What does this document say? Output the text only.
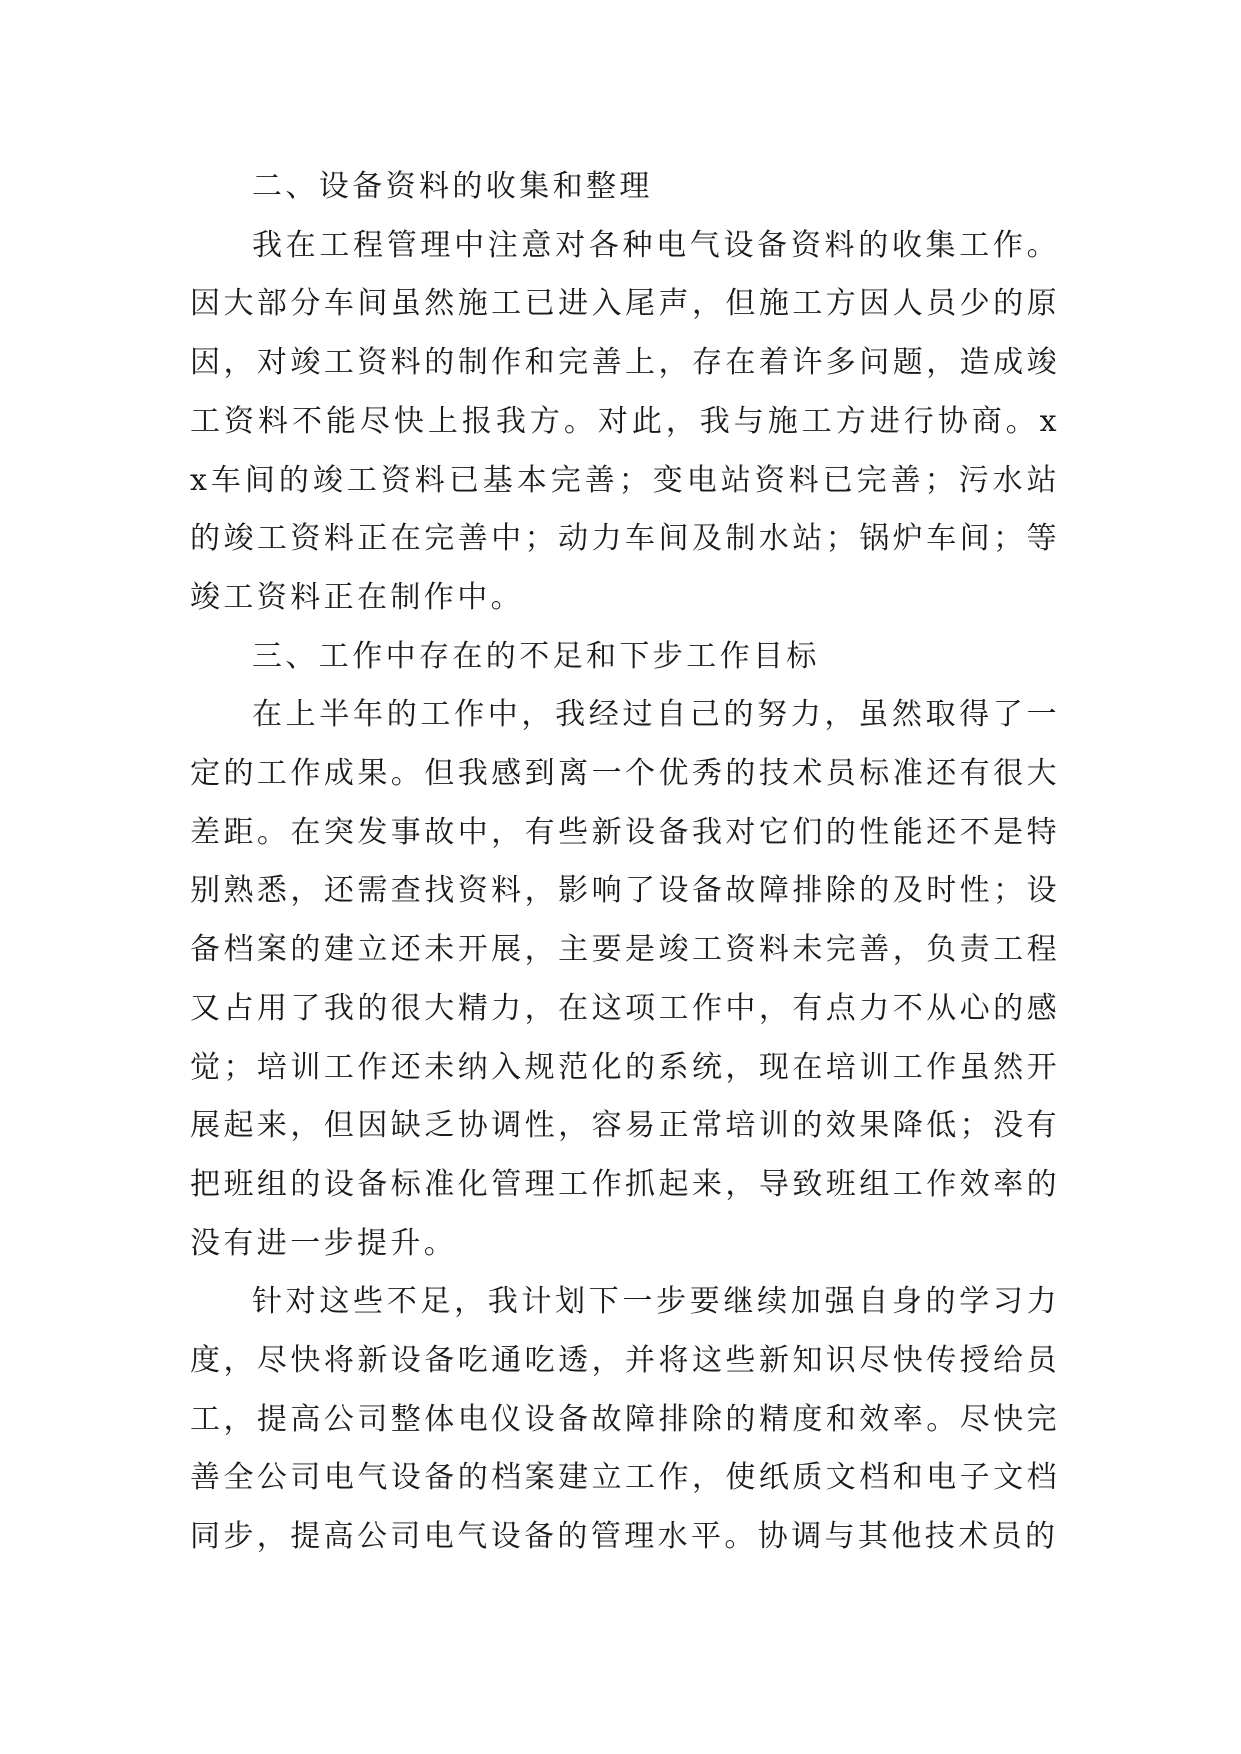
二、设备资料的收集和整理

我在工程管理中注意对各种电气设备资料的收集工作。因大部分车间虽然施工已进入尾声，但施工方因人员少的原因，对竣工资料的制作和完善上，存在着许多问题，造成竣工资料不能尽快上报我方。对此，我与施工方进行协商。xx车间的竣工资料已基本完善；变电站资料已完善；污水站的竣工资料正在完善中；动力车间及制水站；锅炉车间；等竣工资料正在制作中。

三、工作中存在的不足和下步工作目标

在上半年的工作中，我经过自己的努力，虽然取得了一定的工作成果。但我感到离一个优秀的技术员标准还有很大差距。在突发事故中，有些新设备我对它们的性能还不是特别熟悉，还需查找资料，影响了设备故障排除的及时性；设备档案的建立还未开展，主要是竣工资料未完善，负责工程又占用了我的很大精力，在这项工作中，有点力不从心的感觉；培训工作还未纳入规范化的系统，现在培训工作虽然开展起来，但因缺乏协调性，容易正常培训的效果降低；没有把班组的设备标准化管理工作抓起来，导致班组工作效率的没有进一步提升。

针对这些不足，我计划下一步要继续加强自身的学习力度，尽快将新设备吃通吃透，并将这些新知识尽快传授给员工，提高公司整体电仪设备故障排除的精度和效率。尽快完善全公司电气设备的档案建立工作，使纸质文档和电子文档同步，提高公司电气设备的管理水平。协调与其他技术员的
